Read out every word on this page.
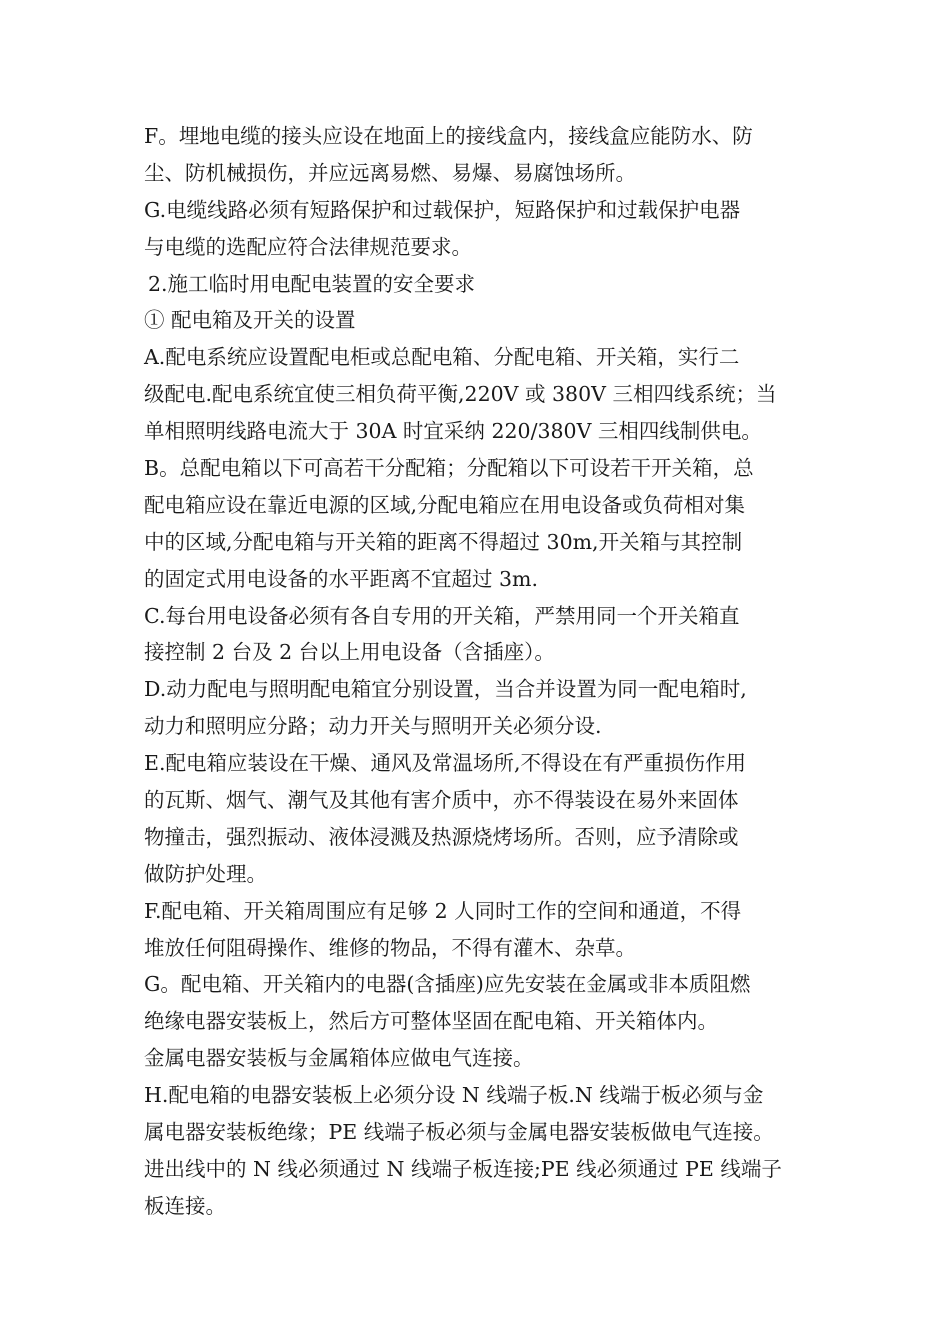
F。埋地电缆的接头应设在地面上的接线盒内，接线盒应能防水、防
尘、防机械损伤，并应远离易燃、易爆、易腐蚀场所。
G.电缆线路必须有短路保护和过载保护，短路保护和过载保护电器
与电缆的选配应符合法律规范要求。
2.施工临时用电配电装置的安全要求
① 配电箱及开关的设置
A.配电系统应设置配电柜或总配电箱、分配电箱、开关箱，实行二
级配电.配电系统宜使三相负荷平衡,220V 或 380V 三相四线系统；当
单相照明线路电流大于 30A 时宜采纳 220/380V 三相四线制供电。
B。总配电箱以下可高若干分配箱；分配箱以下可设若干开关箱，总
配电箱应设在靠近电源的区域,分配电箱应在用电设备或负荷相对集
中的区域,分配电箱与开关箱的距离不得超过 30m,开关箱与其控制
的固定式用电设备的水平距离不宜超过 3m.
C.每台用电设备必须有各自专用的开关箱，严禁用同一个开关箱直
接控制 2 台及 2 台以上用电设备（含插座）。
D.动力配电与照明配电箱宜分别设置，当合并设置为同一配电箱时,
动力和照明应分路；动力开关与照明开关必须分设.
E.配电箱应装设在干燥、通风及常温场所,不得设在有严重损伤作用
的瓦斯、烟气、潮气及其他有害介质中，亦不得装设在易外来固体
物撞击，强烈振动、液体浸溅及热源烧烤场所。否则，应予清除或
做防护处理。
F.配电箱、开关箱周围应有足够 2 人同时工作的空间和通道，不得
堆放任何阻碍操作、维修的物品，不得有灌木、杂草。
G。配电箱、开关箱内的电器(含插座)应先安装在金属或非本质阻燃
绝缘电器安装板上，然后方可整体坚固在配电箱、开关箱体内。
金属电器安装板与金属箱体应做电气连接。
H.配电箱的电器安装板上必须分设 N 线端子板.N 线端于板必须与金
属电器安装板绝缘；PE 线端子板必须与金属电器安装板做电气连接。
进出线中的 N 线必须通过 N 线端子板连接;PE 线必须通过 PE 线端子
板连接。
